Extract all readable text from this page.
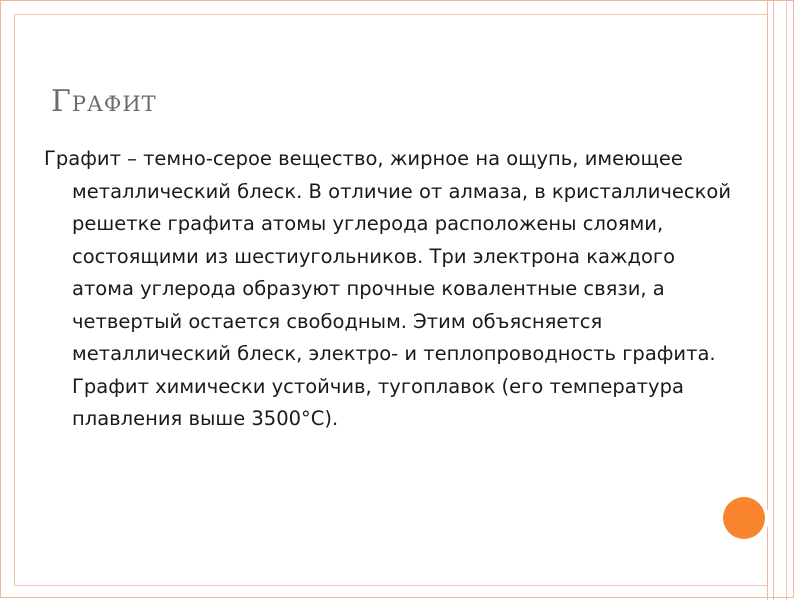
Графит

Графит – темно-серое вещество, жирное на ощупь, имеющее металлический блеск. В отличие от алмаза, в кристаллической решетке графита атомы углерода расположены слоями, состоящими из шестиугольников. Три электрона каждого атома углерода образуют прочные ковалентные связи, а четвертый остается свободным. Этим объясняется металлический блеск, электро- и теплопроводность графита. Графит химически устойчив, тугоплавок (его температура плавления выше 3500°С).
